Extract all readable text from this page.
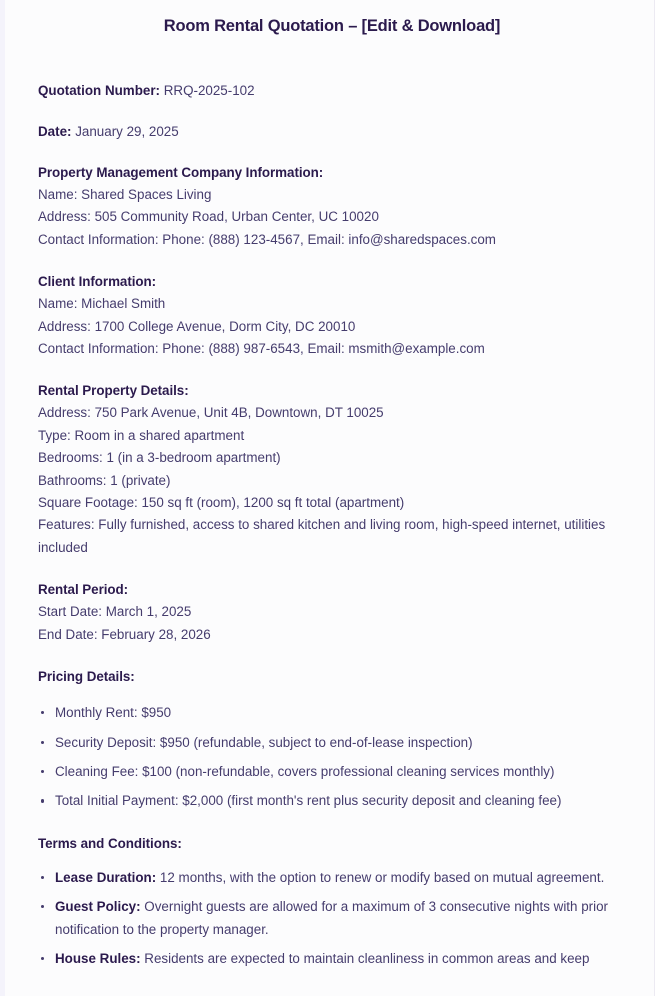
Room Rental Quotation – [Edit & Download]

Quotation Number: RRQ-2025-102

Date: January 29, 2025

Property Management Company Information:
Name: Shared Spaces Living
Address: 505 Community Road, Urban Center, UC 10020
Contact Information: Phone: (888) 123-4567, Email: info@sharedspaces.com
Client Information:
Name: Michael Smith
Address: 1700 College Avenue, Dorm City, DC 20010
Contact Information: Phone: (888) 987-6543, Email: msmith@example.com
Rental Property Details:
Address: 750 Park Avenue, Unit 4B, Downtown, DT 10025
Type: Room in a shared apartment
Bedrooms: 1 (in a 3-bedroom apartment)
Bathrooms: 1 (private)
Square Footage: 150 sq ft (room), 1200 sq ft total (apartment)
Features: Fully furnished, access to shared kitchen and living room, high-speed internet, utilities included
Rental Period:
Start Date: March 1, 2025
End Date: February 28, 2026
Pricing Details:
Monthly Rent: $950
Security Deposit: $950 (refundable, subject to end-of-lease inspection)
Cleaning Fee: $100 (non-refundable, covers professional cleaning services monthly)
Total Initial Payment: $2,000 (first month's rent plus security deposit and cleaning fee)
Terms and Conditions:
Lease Duration: 12 months, with the option to renew or modify based on mutual agreement.
Guest Policy: Overnight guests are allowed for a maximum of 3 consecutive nights with prior notification to the property manager.
House Rules: Residents are expected to maintain cleanliness in common areas and keep
